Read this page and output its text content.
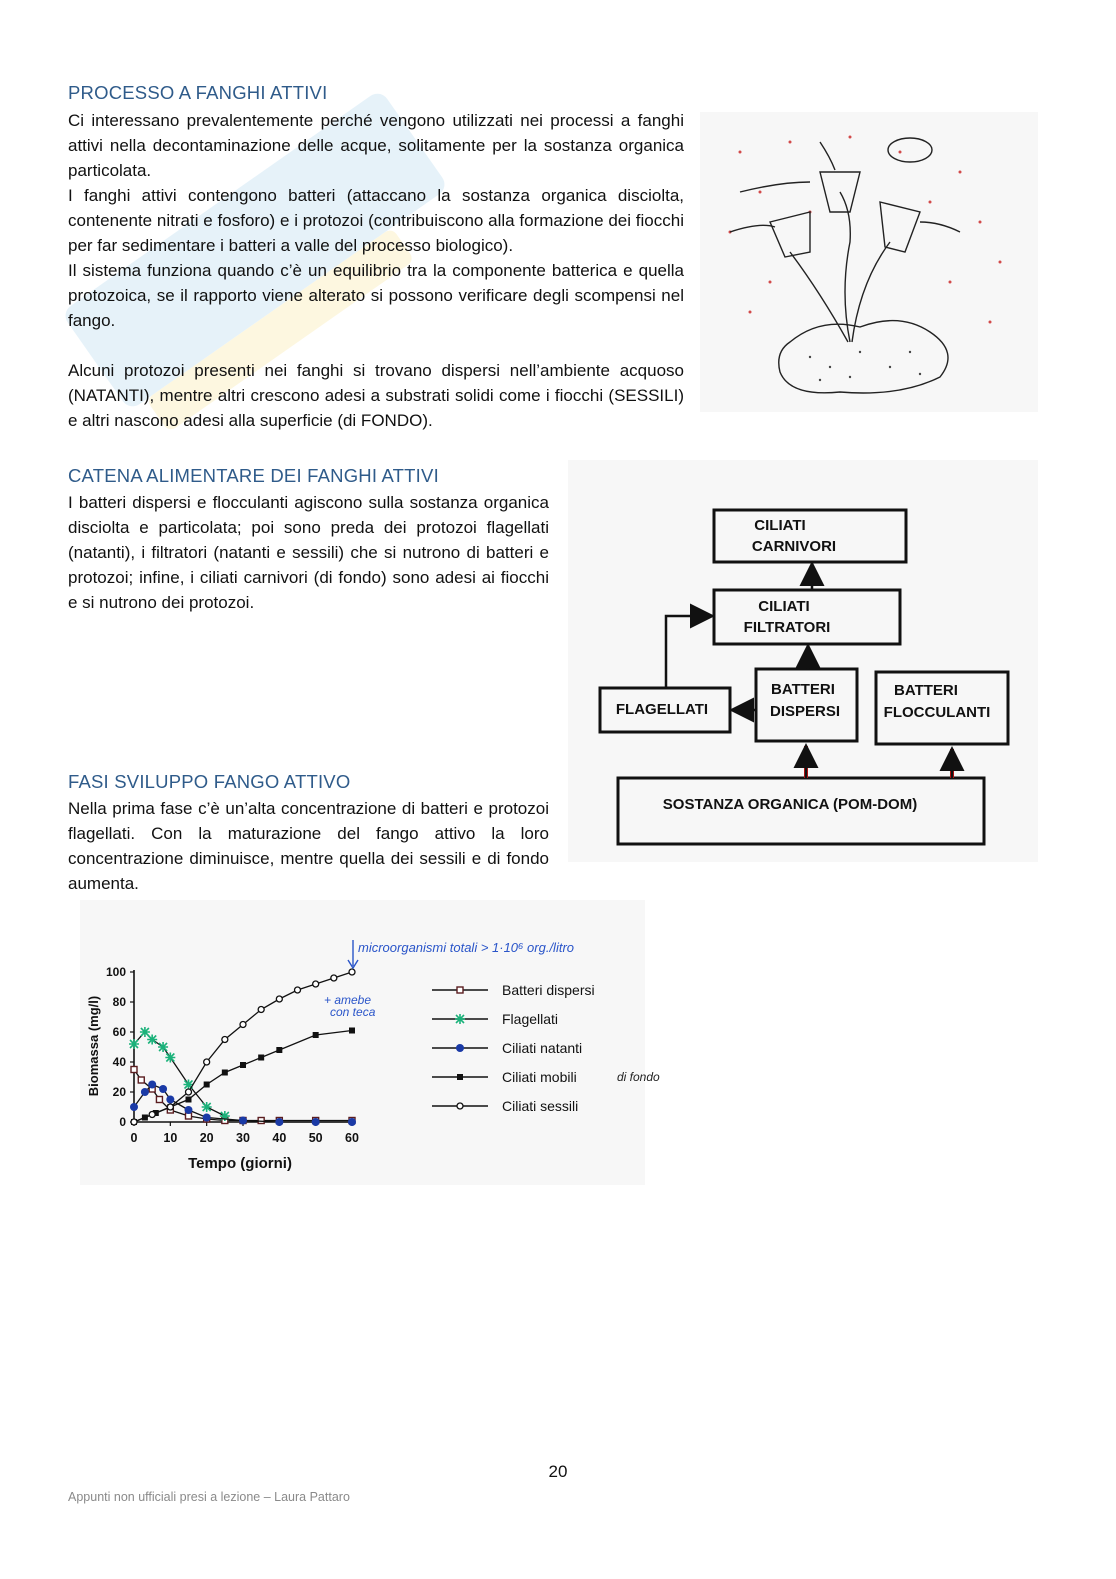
PROCESSO A FANGHI ATTIVI

Ci interessano prevalentemente perché vengono utilizzati nei processi a fanghi attivi nella decontaminazione delle acque, solitamente per la sostanza organica particolata.

I fanghi attivi contengono batteri (attaccano la sostanza organica disciolta, contenente nitrati e fosforo) e i protozoi (contribuiscono alla formazione dei fiocchi per far sedimentare i batteri a valle del processo biologico).

Il sistema funziona quando c’è un equilibrio tra la componente batterica e quella protozoica, se il rapporto viene alterato si possono verificare degli scompensi nel fango.

Alcuni protozoi presenti nei fanghi si trovano dispersi nell’ambiente acquoso (NATANTI), mentre altri crescono adesi a substrati solidi come i fiocchi (SESSILI) e altri nascono adesi alla superficie (di FONDO).

CATENA ALIMENTARE DEI FANGHI ATTIVI

I batteri dispersi e flocculanti agiscono sulla sostanza organica disciolta e particolata; poi sono preda dei protozoi flagellati (natanti), i filtratori (natanti e sessili) che si nutrono di batteri e protozoi; infine, i ciliati carnivori (di fondo) sono adesi ai fiocchi e si nutrono dei protozoi.

CILIATI
CARNIVORI
CILIATI
FILTRATORI
FLAGELLATI
BATTERI
DISPERSI
BATTERI
FLOCCULANTI
SOSTANZA ORGANICA (POM-DOM)
FASI SVILUPPO FANGO ATTIVO

Nella prima fase c’è un’alta concentrazione di batteri e protozoi flagellati. Con la maturazione del fango attivo la loro concentrazione diminuisce, mentre quella dei sessili e di fondo aumenta.

0 10 20 30 40 50 60
0
20
40
60
80
100
Batteri dispersi
Flagellati
Ciliati natanti
Ciliati mobili
Ciliati sessili
Biomassa (mg/l)
Tempo (giorni)
microorganismi totali > 1·10⁶ org./litro
+ amebe
con teca
di fondo
20
Appunti non ufficiali presi a lezione – Laura Pattaro
